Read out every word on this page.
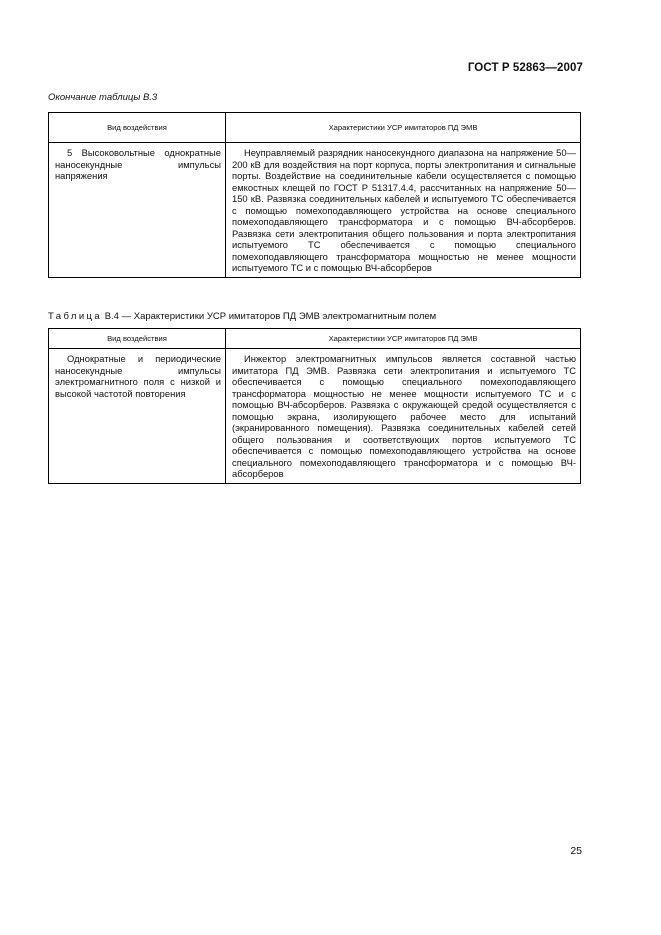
ГОСТ Р 52863—2007
Окончание таблицы В.3
Вид воздействия	Характеристики УСР имитаторов ПД ЭМВ

5 Высоковольтные однократные наносекундные импульсы напряжения	Неуправляемый разрядник наносекундного диапазона на напряжение 50—200 кВ для воздействия на порт корпуса, порты электропитания и сигнальные порты. Воздействие на соединительные кабели осуществляется с помощью емкостных клещей по ГОСТ Р 51317.4.4, рассчитанных на напряжение 50—150 кВ. Развязка соединительных кабелей и испытуемого ТС обеспечивается с помощью помехоподавляющего устройства на основе специального помехоподавляющего трансформатора и с помощью ВЧ-абсорберов. Развязка сети электропитания общего пользования и порта электропитания испытуемого ТС обеспечивается с помощью специального помехоподавляющего трансформатора мощностью не менее мощности испытуемого ТС и с помощью ВЧ-абсорберов

Таблица В.4 — Характеристики УСР имитаторов ПД ЭМВ электромагнитным полем
Вид воздействия	Характеристики УСР имитаторов ПД ЭМВ

Однократные и периодические наносекундные импульсы электромагнитного поля с низкой и высокой частотой повторения	Инжектор электромагнитных импульсов является составной частью имитатора ПД ЭМВ. Развязка сети электропитания и испытуемого ТС обеспечивается с помощью специального помехоподавляющего трансформатора мощностью не менее мощности испытуемого ТС и с помощью ВЧ-абсорберов. Развязка с окружающей средой осуществляется с помощью экрана, изолирующего рабочее место для испытаний (экранированного помещения). Развязка соединительных кабелей сетей общего пользования и соответствующих портов испытуемого ТС обеспечивается с помощью помехоподавляющего устройства на основе специального помехоподавляющего трансформатора и с помощью ВЧ-абсорберов

25
